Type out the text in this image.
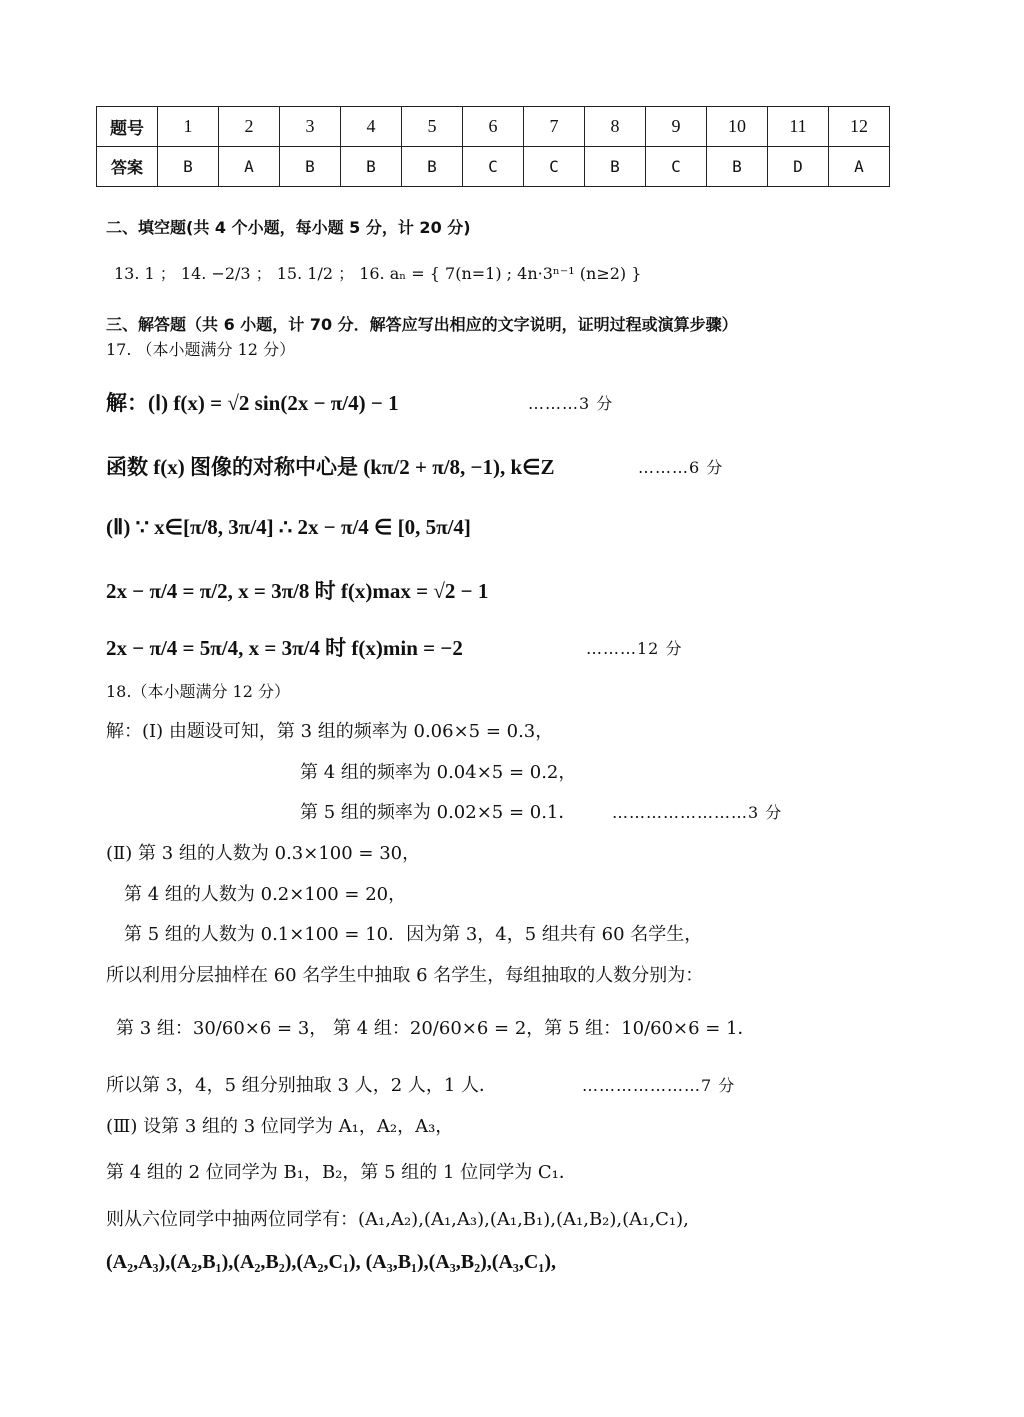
题号	1	2	3	4	5	6	7	8	9	10	11	12
答案	B	A	B	B	B	C	C	B	C	B	D	A
二、填空题(共 4 个小题，每小题 5 分，计 20 分)
13. 1 ； 14. −2/3 ； 15. 1/2 ； 16. aₙ = { 7(n=1) ; 4n·3ⁿ⁻¹ (n≥2) }
三、解答题（共 6 小题，计 70 分．解答应写出相应的文字说明，证明过程或演算步骤）
17. （本小题满分 12 分）
解：(Ⅰ) f(x) = √2 sin(2x − π/4) − 1	………3 分
函数 f(x) 图像的对称中心是 (kπ/2 + π/8, −1), k∈Z	………6 分
(Ⅱ) ∵ x∈[π/8, 3π/4] ∴ 2x − π/4 ∈ [0, 5π/4]
2x − π/4 = π/2, x = 3π/8 时 f(x)max = √2 − 1
2x − π/4 = 5π/4, x = 3π/4 时 f(x)min = −2	………12 分
18.（本小题满分 12 分）
解：(Ⅰ) 由题设可知，第 3 组的频率为 0.06×5 = 0.3，
第 4 组的频率为 0.04×5 = 0.2，
第 5 组的频率为 0.02×5 = 0.1． ……………………3 分
(Ⅱ) 第 3 组的人数为 0.3×100 = 30，
第 4 组的人数为 0.2×100 = 20，
第 5 组的人数为 0.1×100 = 10．因为第 3，4，5 组共有 60 名学生，
所以利用分层抽样在 60 名学生中抽取 6 名学生，每组抽取的人数分别为：
第 3 组：30/60×6 = 3， 第 4 组：20/60×6 = 2，第 5 组：10/60×6 = 1．
所以第 3，4，5 组分别抽取 3 人，2 人，1 人．	…………………7 分
(Ⅲ) 设第 3 组的 3 位同学为 A₁，A₂，A₃，
第 4 组的 2 位同学为 B₁，B₂，第 5 组的 1 位同学为 C₁．
则从六位同学中抽两位同学有：(A₁,A₂),(A₁,A₃),(A₁,B₁),(A₁,B₂),(A₁,C₁),
(A₂,A₃),(A₂,B₁),(A₂,B₂),(A₂,C₁), (A₃,B₁),(A₃,B₂),(A₃,C₁),
